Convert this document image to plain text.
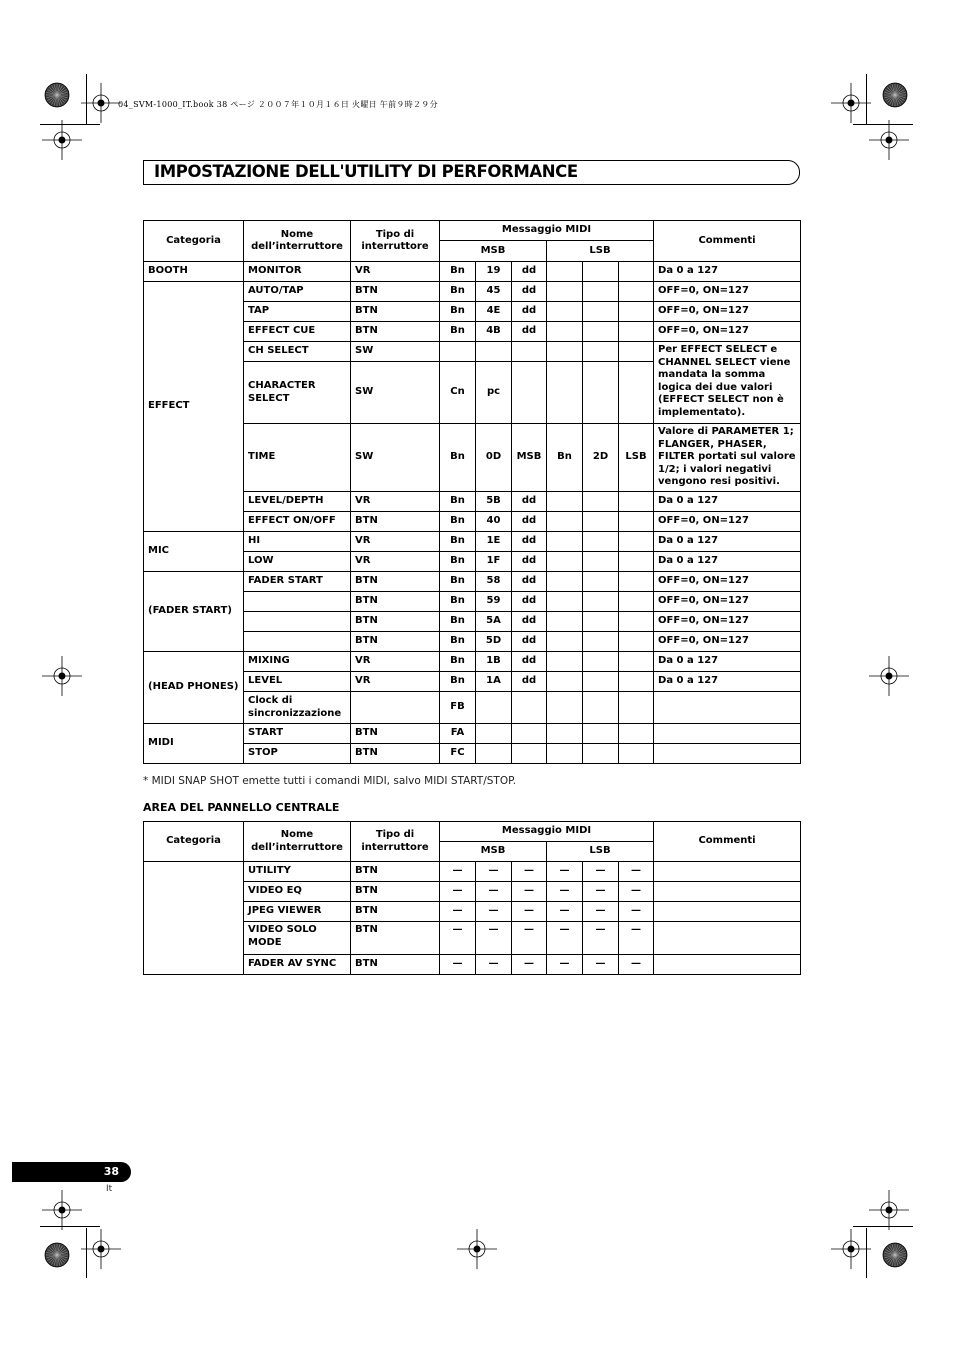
04_SVM-1000_IT.book 38 ページ ２００７年１０月１６日 火曜日 午前９時２９分
IMPOSTAZIONE DELL'UTILITY DI PERFORMANCE
Categoria	Nome dell’interruttore	Tipo di interruttore	Messaggio MIDI						Commenti
			MSB			LSB			
BOOTH	MONITOR	VR	Bn	19	dd				Da 0 a 127
EFFECT	AUTO/TAP	BTN	Bn	45	dd				OFF=0, ON=127
	TAP	BTN	Bn	4E	dd				OFF=0, ON=127
	EFFECT CUE	BTN	Bn	4B	dd				OFF=0, ON=127
	CH SELECT	SW							Per EFFECT SELECT e CHANNEL SELECT viene mandata la somma logica dei due valori (EFFECT SELECT non è implementato).
	CHARACTER SELECT	SW	Cn	pc					
	TIME	SW	Bn	0D	MSB	Bn	2D	LSB	Valore di PARAMETER 1; FLANGER, PHASER, FILTER portati sul valore 1/2; i valori negativi vengono resi positivi.
	LEVEL/DEPTH	VR	Bn	5B	dd				Da 0 a 127
	EFFECT ON/OFF	BTN	Bn	40	dd				OFF=0, ON=127
MIC	HI	VR	Bn	1E	dd				Da 0 a 127
	LOW	VR	Bn	1F	dd				Da 0 a 127
(FADER START)	FADER START	BTN	Bn	58	dd				OFF=0, ON=127
		BTN	Bn	59	dd				OFF=0, ON=127
		BTN	Bn	5A	dd				OFF=0, ON=127
		BTN	Bn	5D	dd				OFF=0, ON=127
(HEAD PHONES)	MIXING	VR	Bn	1B	dd				Da 0 a 127
	LEVEL	VR	Bn	1A	dd				Da 0 a 127
	Clock di sincronizzazione		FB						
MIDI	START	BTN	FA						
	STOP	BTN	FC						
* MIDI SNAP SHOT emette tutti i comandi MIDI, salvo MIDI START/STOP.
AREA DEL PANNELLO CENTRALE
Categoria	Nome dell’interruttore	Tipo di interruttore	Messaggio MIDI						Commenti
			MSB			LSB			
	UTILITY	BTN	—	—	—	—	—	—	
	VIDEO EQ	BTN	—	—	—	—	—	—	
	JPEG VIEWER	BTN	—	—	—	—	—	—	
	VIDEO SOLO MODE	BTN	—	—	—	—	—	—	
	FADER AV SYNC	BTN	—	—	—	—	—	—	
38
It
